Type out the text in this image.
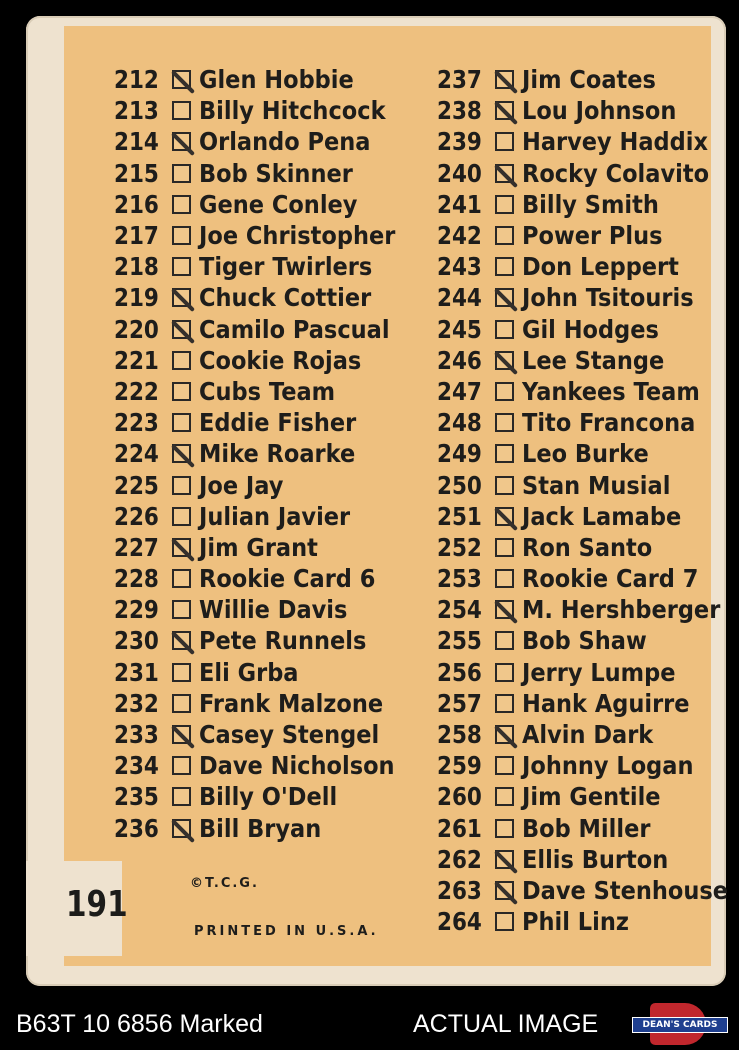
212 Glen Hobbie
213 Billy Hitchcock
214 Orlando Pena
215 Bob Skinner
216 Gene Conley
217 Joe Christopher
218 Tiger Twirlers
219 Chuck Cottier
220 Camilo Pascual
221 Cookie Rojas
222 Cubs Team
223 Eddie Fisher
224 Mike Roarke
225 Joe Jay
226 Julian Javier
227 Jim Grant
228 Rookie Card 6
229 Willie Davis
230 Pete Runnels
231 Eli Grba
232 Frank Malzone
233 Casey Stengel
234 Dave Nicholson
235 Billy O'Dell
236 Bill Bryan
237 Jim Coates
238 Lou Johnson
239 Harvey Haddix
240 Rocky Colavito
241 Billy Smith
242 Power Plus
243 Don Leppert
244 John Tsitouris
245 Gil Hodges
246 Lee Stange
247 Yankees Team
248 Tito Francona
249 Leo Burke
250 Stan Musial
251 Jack Lamabe
252 Ron Santo
253 Rookie Card 7
254 M. Hershberger
255 Bob Shaw
256 Jerry Lumpe
257 Hank Aguirre
258 Alvin Dark
259 Johnny Logan
260 Jim Gentile
261 Bob Miller
262 Ellis Burton
263 Dave Stenhouse
264 Phil Linz
©T.C.G.
PRINTED IN U.S.A.
191
B63T 10 6856 Marked	ACTUAL IMAGE	DEAN'S CARDS
